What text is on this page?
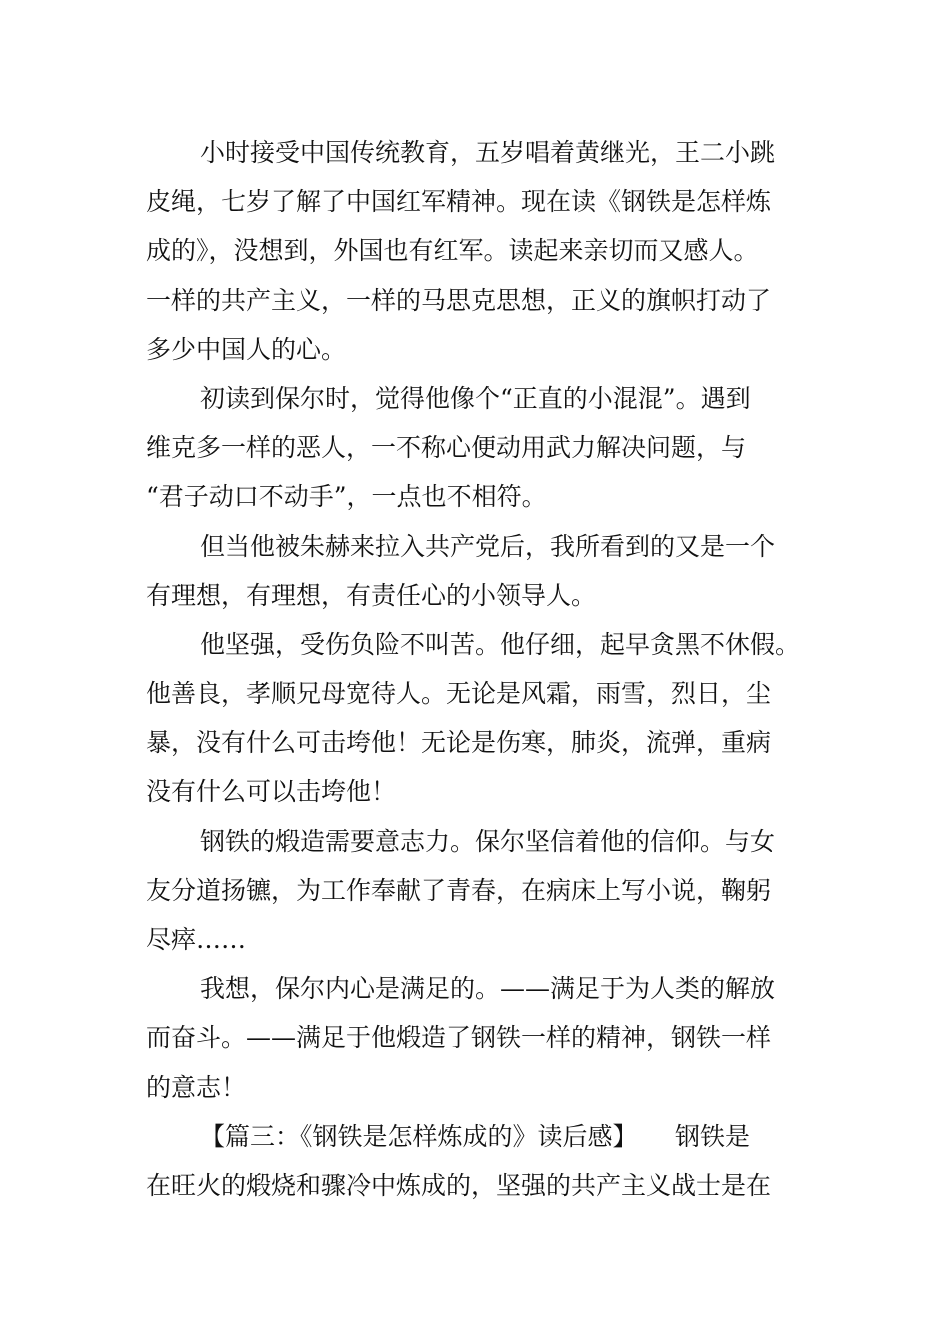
小时接受中国传统教育，五岁唱着黄继光，王二小跳
皮绳，七岁了解了中国红军精神。现在读《钢铁是怎样炼
成的》，没想到，外国也有红军。读起来亲切而又感人。
一样的共产主义，一样的马思克思想，正义的旗帜打动了
多少中国人的心。
初读到保尔时，觉得他像个“正直的小混混”。遇到
维克多一样的恶人，一不称心便动用武力解决问题，与
“君子动口不动手”，一点也不相符。
但当他被朱赫来拉入共产党后，我所看到的又是一个
有理想，有理想，有责任心的小领导人。
他坚强，受伤负险不叫苦。他仔细，起早贪黑不休假。
他善良，孝顺兄母宽待人。无论是风霜，雨雪，烈日，尘
暴，没有什么可击垮他！无论是伤寒，肺炎，流弹，重病
没有什么可以击垮他！
钢铁的煅造需要意志力。保尔坚信着他的信仰。与女
友分道扬镳，为工作奉献了青春，在病床上写小说，鞠躬
尽瘁……
我想，保尔内心是满足的。——满足于为人类的解放
而奋斗。——满足于他煅造了钢铁一样的精神，钢铁一样
的意志！
【篇三：《钢铁是怎样炼成的》读后感】　　钢铁是
在旺火的煅烧和骤冷中炼成的，坚强的共产主义战士是在
